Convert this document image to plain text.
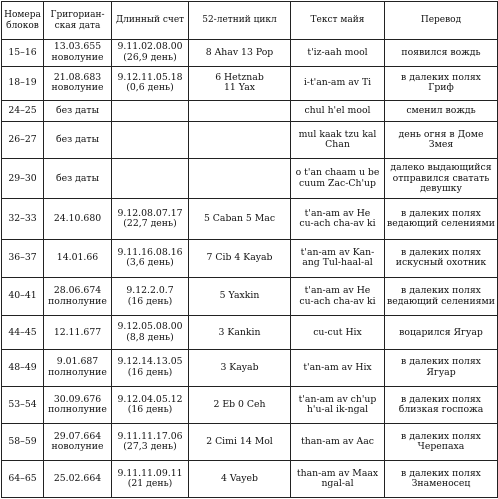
Номера блоков	Григориан-ская дата	Длинный счет	52-летний цикл	Текст майя	Перевод

15–16	13.03.655
новолуние	9.11.02.08.00
(26,9 день)	8 Ahav 13 Pop	t'iz-aah mool	появился вождь

18–19	21.08.683
новолуние	9.12.11.05.18
(0,6 день)	6 Hetznab
11 Yax	i-t'an-am av Ti	в далеких полях Гриф

24–25	без даты			chul h'el mool	сменил вождь

26–27	без даты			mul kaak tzu kal
Chan	день огня в Доме Змея

29–30	без даты			o t'an chaam u be
cuum Zac-Ch'up	далеко выдающийся
отправился сватать девушку

32–33	24.10.680	9.12.08.07.17
(22,7 день)	5 Caban 5 Mac	t'an-am av He
cu-ach cha-av ki	в далеких полях
ведающий селениями

36–37	14.01.66	9.11.16.08.16
(3,6 день)	7 Cib 4 Kayab	t'an-am av Kan-
ang Tul-haal-al	в далеких полях
искусный охотник

40–41	28.06.674
полнолуние	9.12.2.0.7
(16 день)	5 Yaxkin	t'an-am av He
cu-ach cha-av ki	в далеких полях
ведающий селениями

44–45	12.11.677	9.12.05.08.00
(8,8 день)	3 Kankin	cu-cut Hix	воцарился Ягуар

48–49	9.01.687
полнолуние	9.12.14.13.05
(16 день)	3 Kayab	t'an-am av Hix	в далеких полях Ягуар

53–54	30.09.676
полнолуние	9.12.04.05.12
(16 день)	2 Eb 0 Ceh	t'an-am av ch'up
h'u-al ik-ngal	в далеких полях
близкая госпожа

58–59	29.07.664
новолуние	9.11.11.17.06
(27,3 день)	2 Cimi 14 Mol	than-am av Aac	в далеких полях
Черепаха

64–65	25.02.664	9.11.11.09.11
(21 день)	4 Vayeb	than-am av Maax
ngal-al	в далеких полях
Знаменосец
